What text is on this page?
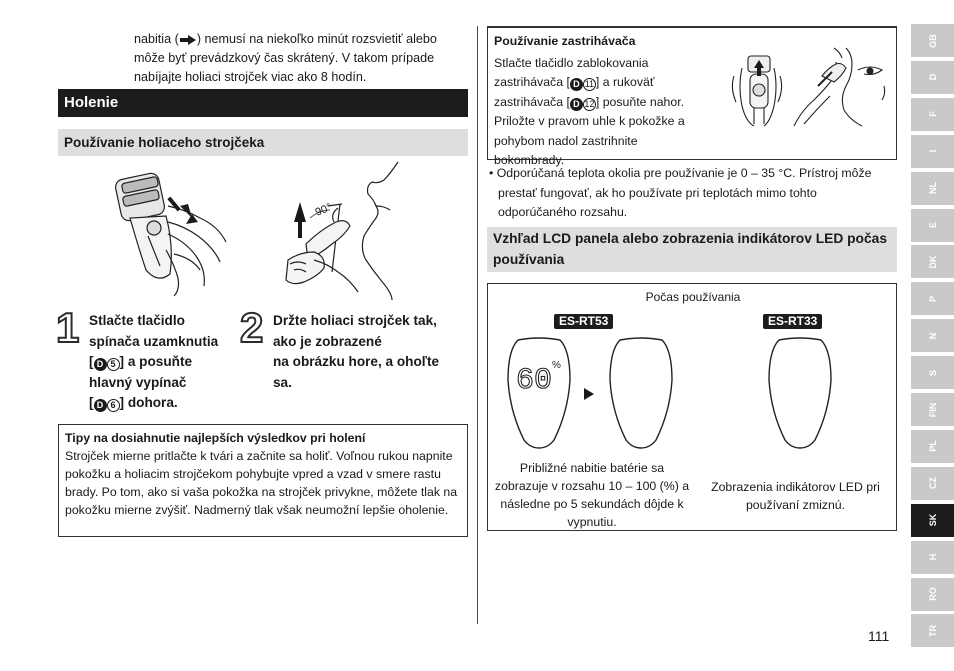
nabitia ( ) nemusí na niekoľko minút rozsvietiť alebo môže byť prevádzkový čas skrátený. V takom prípade nabíjajte holiaci strojček viac ako 8 hodín.
Holenie
Používanie holiaceho strojčeka
90°
1 Stlačte tlačidlo
spínača uzamknutia
[ D 5 ] a posuňte
hlavný vypínač
[ D 6 ] dohora.
2 Držte holiaci strojček tak,
ako je zobrazené
na obrázku hore, a ohoľte
sa.
Tipy na dosiahnutie najlepších výsledkov pri holení
Strojček mierne pritlačte k tvári a začnite sa holiť. Voľnou rukou napnite pokožku a holiacim strojčekom pohybujte vpred a vzad v smere rastu brady. Po tom, ako si vaša pokožka na strojček privykne, môžete tlak na pokožku mierne zvýšiť. Nadmerný tlak však neumožní lepšie oholenie.
Používanie zastrihávača
Stlačte tlačidlo zablokovania
zastrihávača [ D 11 ] a rukoväť
zastrihávača [ D 12 ] posuňte nahor.
Priložte v pravom uhle k pokožke a
pohybom nadol zastrihnite
bokombrady.
• Odporúčaná teplota okolia pre používanie je 0 – 35 °C. Prístroj môže prestať fungovať, ak ho používate pri teplotách mimo tohto odporúčaného rozsahu.
Vzhľad LCD panela alebo zobrazenia indikátorov LED počas používania
Počas používania
ES-RT53	ES-RT33
60 %
Približné nabitie batérie sa zobrazuje v rozsahu 10 – 100 (%) a následne po 5 sekundách dôjde k vypnutiu.
Zobrazenia indikátorov LED pri používaní zmiznú.
GB
D
F
I
NL
E
DK
P
N
S
FIN
PL
CZ
SK
H
RO
TR
111
